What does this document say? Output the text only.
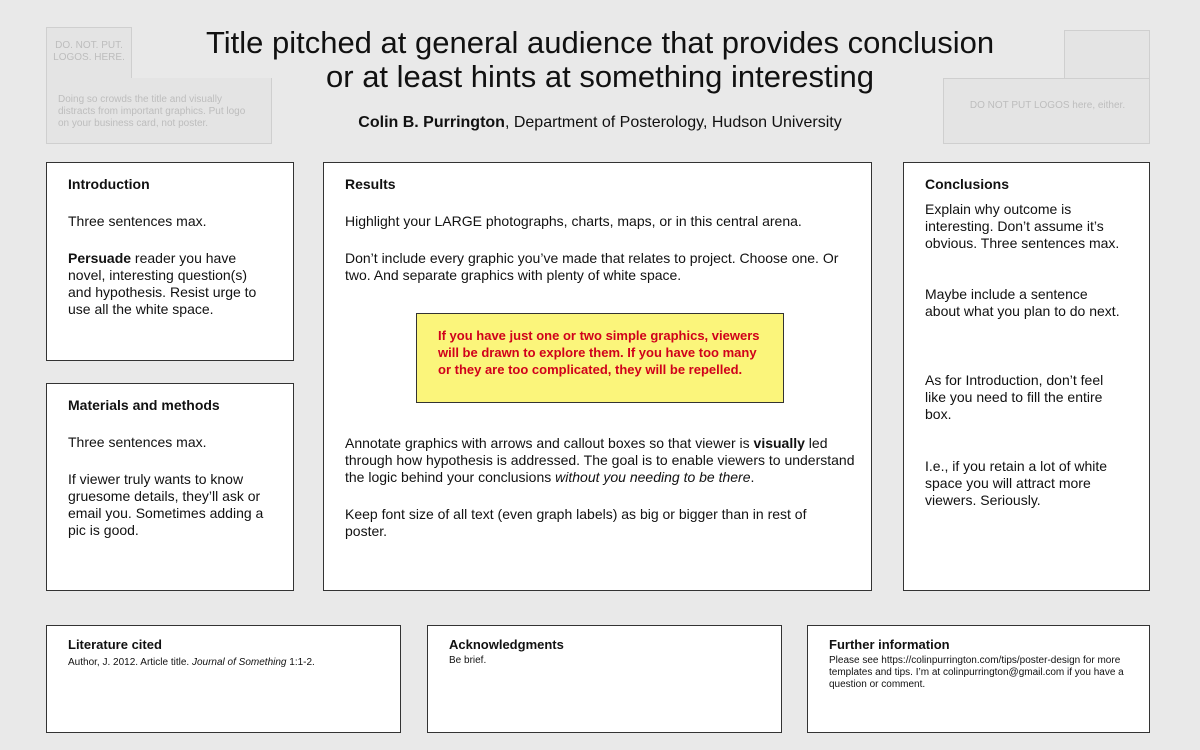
DO. NOT. PUT. LOGOS. HERE.
Doing so crowds the title and visually distracts from important graphics. Put logo on your business card, not poster.
DO NOT PUT LOGOS here, either.
Title pitched at general audience that provides conclusion
or at least hints at something interesting

Colin B. Purrington, Department of Posterology, Hudson University

Introduction

Three sentences max.

Persuade reader you have novel, interesting question(s) and hypothesis. Resist urge to use all the white space.

Materials and methods

Three sentences max.

If viewer truly wants to know gruesome details, they’ll ask or email you. Sometimes adding a pic is good.

Results

Highlight your LARGE photographs, charts, maps, or in this central arena.

Don’t include every graphic you’ve made that relates to project. Choose one. Or two. And separate graphics with plenty of white space.

Annotate graphics with arrows and callout boxes so that viewer is visually led through how hypothesis is addressed. The goal is to enable viewers to understand the logic behind your conclusions without you needing to be there.

Keep font size of all text (even graph labels) as big or bigger than in rest of poster.

If you have just one or two simple graphics, viewers will be drawn to explore them. If you have too many or they are too complicated, they will be repelled.

Conclusions

Explain why outcome is interesting. Don’t assume it’s obvious. Three sentences max.

Maybe include a sentence about what you plan to do next.

As for Introduction, don’t feel like you need to fill the entire box.

I.e., if you retain a lot of white space you will attract more viewers. Seriously.

Literature cited

Author, J. 2012. Article title. Journal of Something 1:1-2.

Acknowledgments

Be brief.

Further information

Please see https://colinpurrington.com/tips/poster-design for more templates and tips. I’m at colinpurrington@gmail.com if you have a question or comment.
